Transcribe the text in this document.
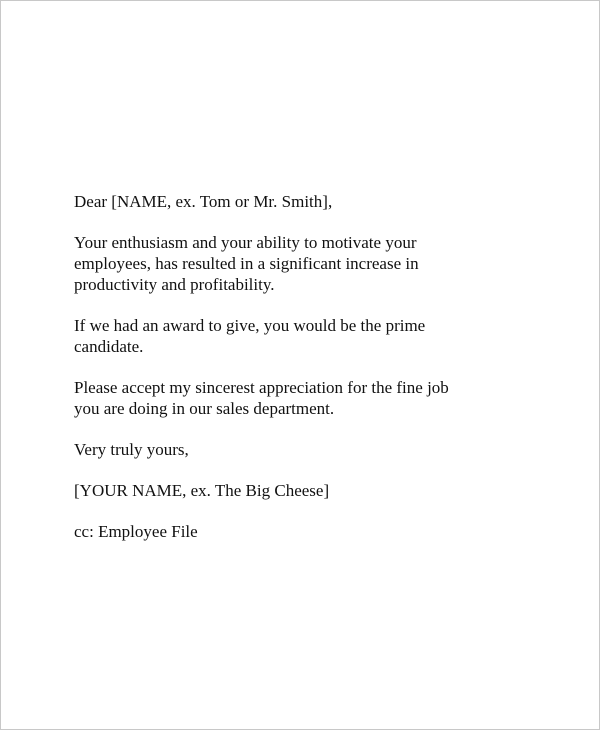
Dear [NAME, ex. Tom or Mr. Smith],

Your enthusiasm and your ability to motivate your
employees, has resulted in a significant increase in
productivity and profitability.

If we had an award to give, you would be the prime
candidate.

Please accept my sincerest appreciation for the fine job
you are doing in our sales department.

Very truly yours,

[YOUR NAME, ex. The Big Cheese]

cc: Employee File
